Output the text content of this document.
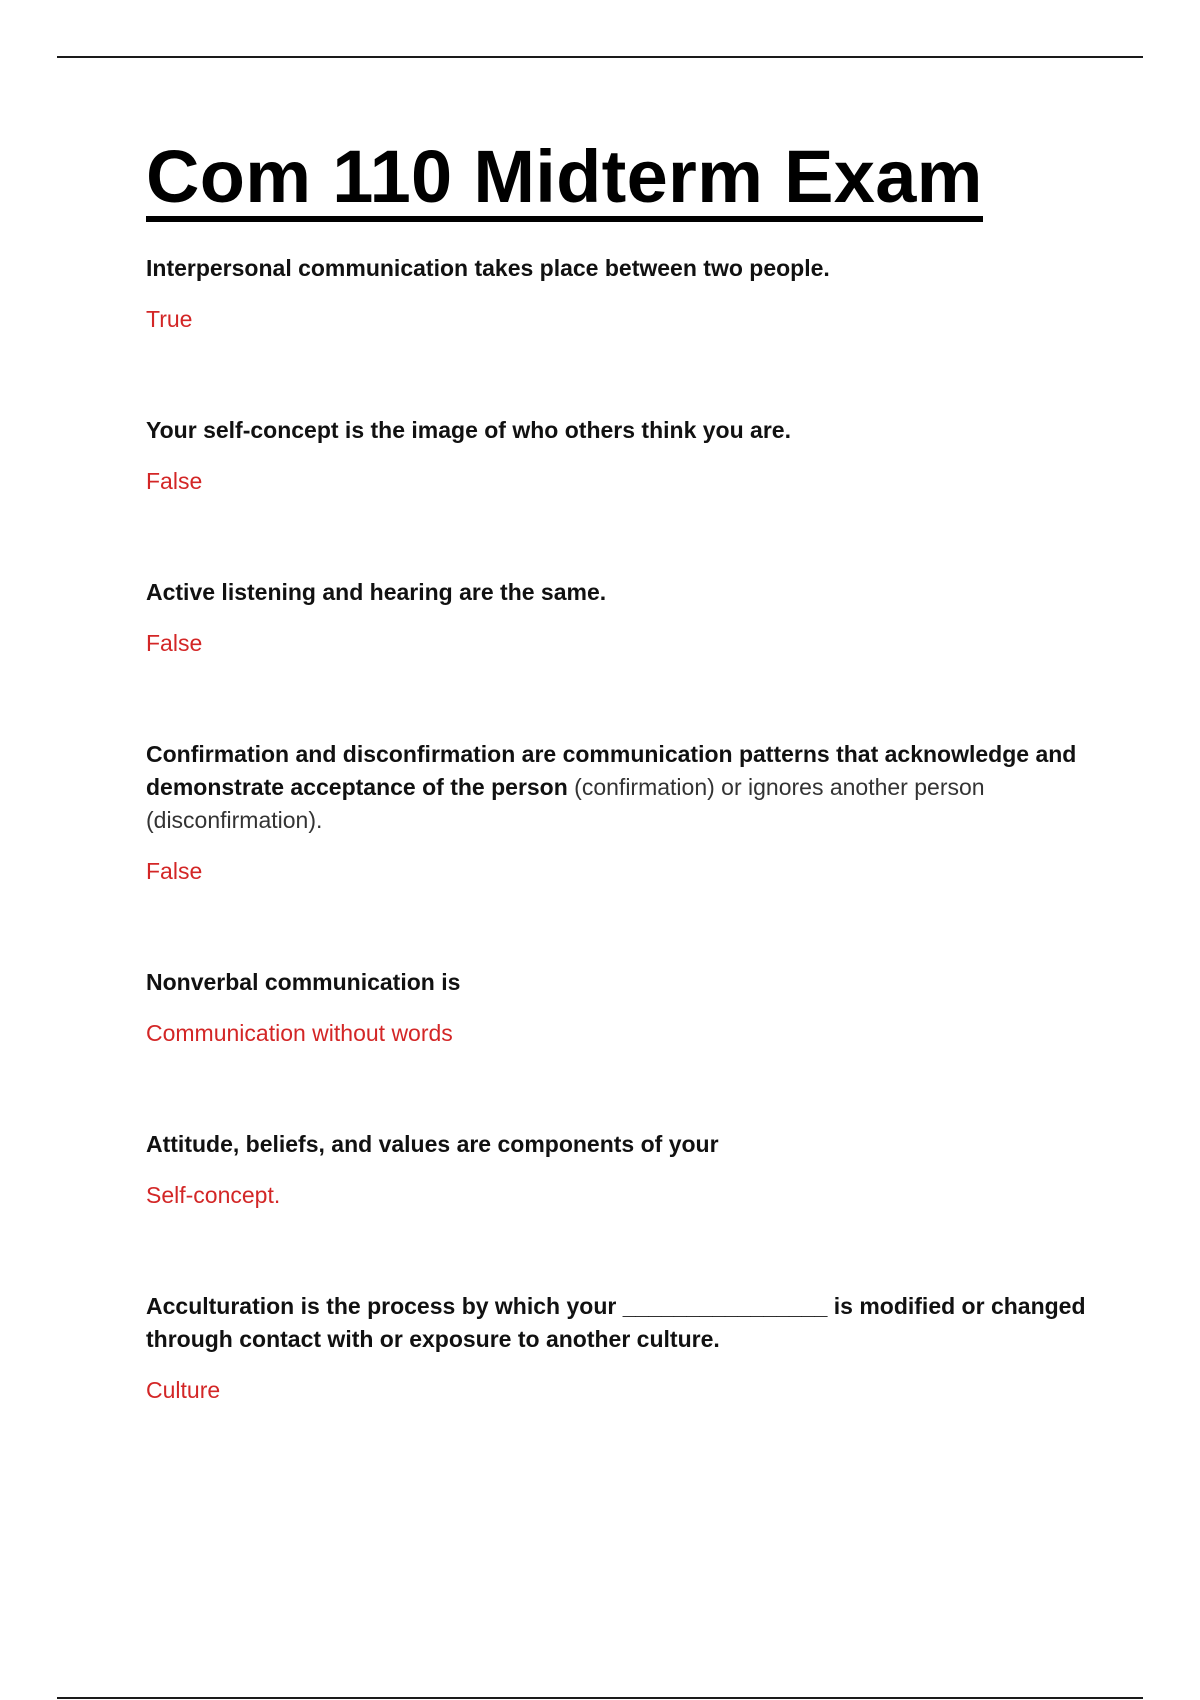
Com 110 Midterm Exam

Interpersonal communication takes place between two people.

True

Your self-concept is the image of who others think you are.

False

Active listening and hearing are the same.

False

Confirmation and disconfirmation are communication patterns that acknowledge and demonstrate acceptance of the person (confirmation) or ignores another person (disconfirmation).

False

Nonverbal communication is

Communication without words

Attitude, beliefs, and values are components of your

Self-concept.

Acculturation is the process by which your ________________ is modified or changed through contact with or exposure to another culture.

Culture
